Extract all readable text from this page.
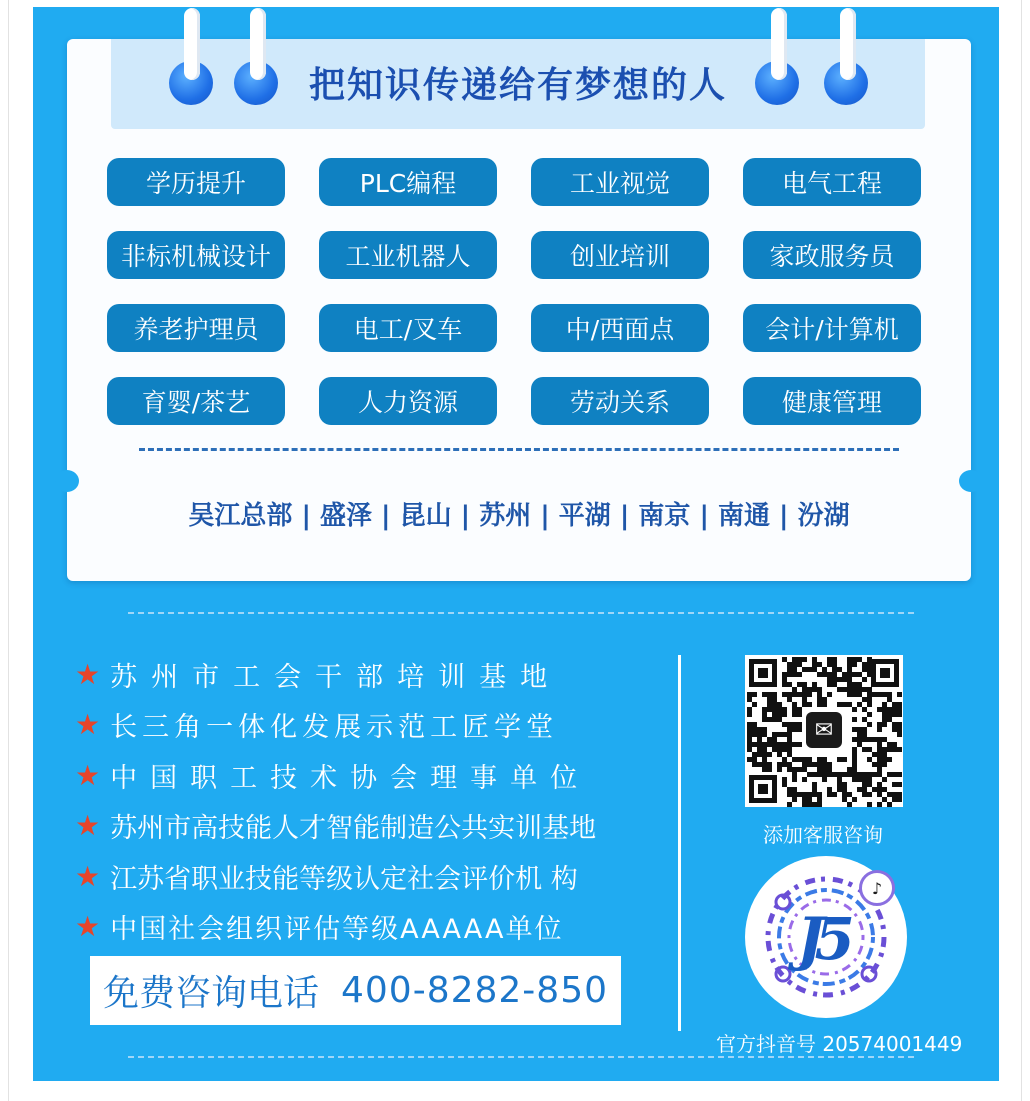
把知识传递给有梦想的人
学历提升	PLC编程	工业视觉	电气工程
非标机械设计	工业机器人	创业培训	家政服务员
养老护理员	电工/叉车	中/西面点	会计/计算机
育婴/茶艺	人力资源	劳动关系	健康管理
吴江总部 | 盛泽 | 昆山 | 苏州 | 平湖 | 南京 | 南通 | 汾湖
★ 苏州市工会干部培训基地
★ 长三角一体化发展示范工匠学堂
★ 中国职工技术协会理事单位
★ 苏州市高技能人才智能制造公共实训基地
★ 江苏省职业技能等级认定社会评价机 构
★ 中国社会组织评估等级AAAAA单位
免费咨询电话 400-8282-850
✉
添加客服咨询
J5
♪
官方抖音号 20574001449
